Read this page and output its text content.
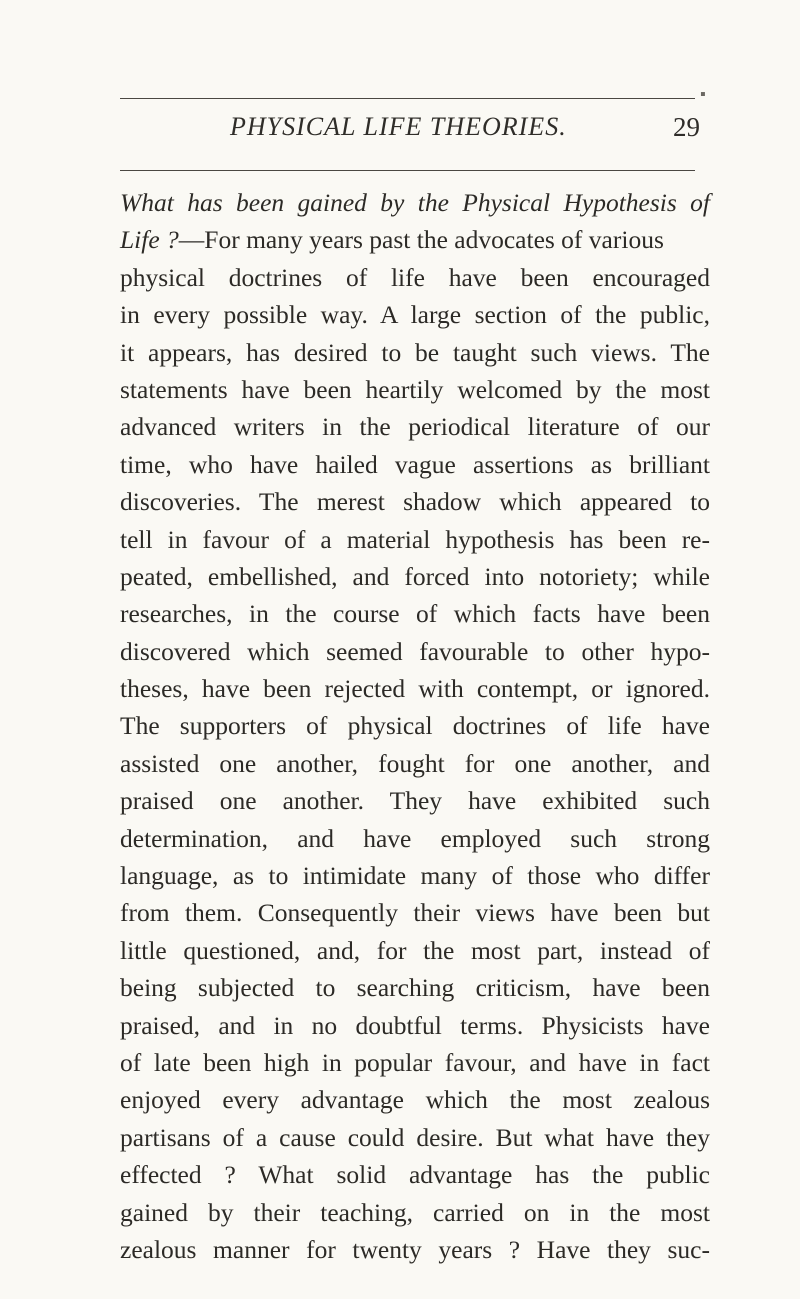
PHYSICAL LIFE THEORIES.	29
▪
What has been gained by the Physical Hypothesis of
Life ?—For many years past the advocates of various
physical doctrines of life have been encouraged
in every possible way. A large section of the public,
it appears, has desired to be taught such views. The
statements have been heartily welcomed by the most
advanced writers in the periodical literature of our
time, who have hailed vague assertions as brilliant
discoveries. The merest shadow which appeared to
tell in favour of a material hypothesis has been re-
peated, embellished, and forced into notoriety; while
researches, in the course of which facts have been
discovered which seemed favourable to other hypo-
theses, have been rejected with contempt, or ignored.
The supporters of physical doctrines of life have
assisted one another, fought for one another, and
praised one another. They have exhibited such
determination, and have employed such strong
language, as to intimidate many of those who differ
from them. Consequently their views have been but
little questioned, and, for the most part, instead of
being subjected to searching criticism, have been
praised, and in no doubtful terms. Physicists have
of late been high in popular favour, and have in fact
enjoyed every advantage which the most zealous
partisans of a cause could desire. But what have they
effected ? What solid advantage has the public
gained by their teaching, carried on in the most
zealous manner for twenty years ? Have they suc-
